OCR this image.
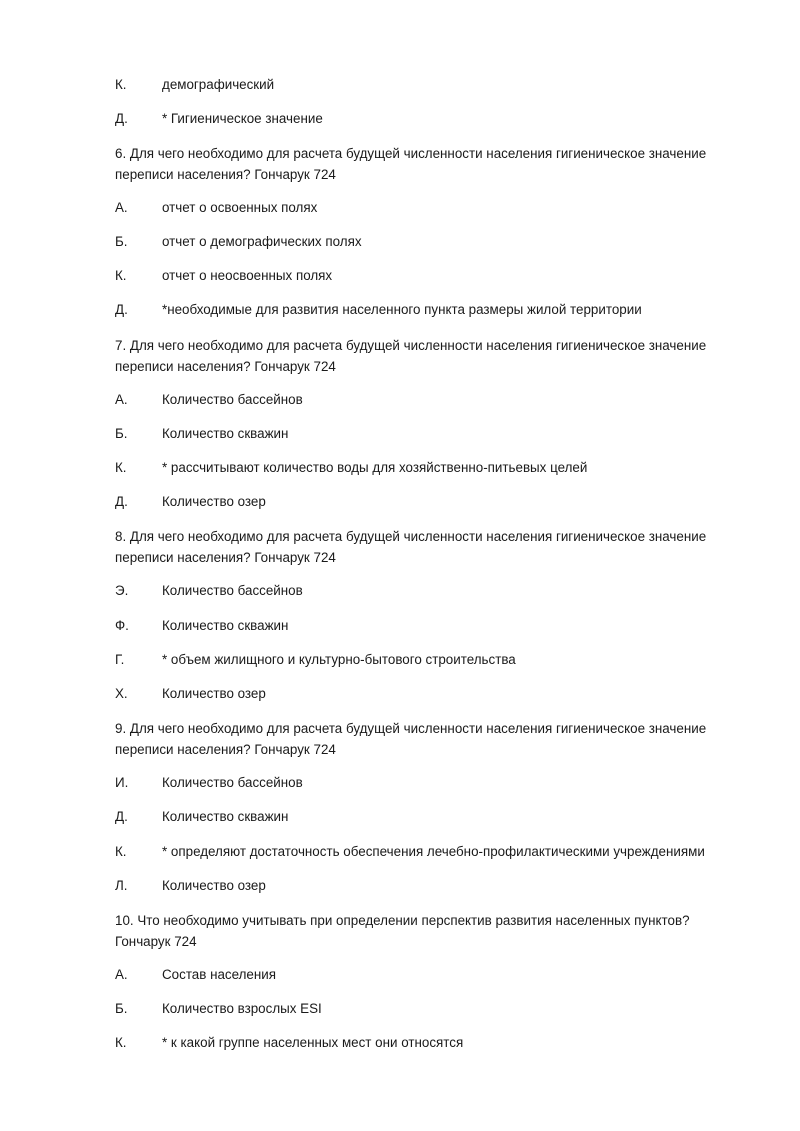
К.	демографический
Д.	* Гигиеническое значение
6. Для чего необходимо для расчета будущей численности населения гигиеническое значение переписи населения? Гончарук 724
А.	отчет о освоенных полях
Б.	отчет о демографических полях
К.	отчет о неосвоенных полях
Д.	*необходимые для развития населенного пункта размеры жилой территории
7. Для чего необходимо для расчета будущей численности населения гигиеническое значение переписи населения? Гончарук 724
А.	Количество бассейнов
Б.	Количество скважин
К.	* рассчитывают количество воды для хозяйственно-питьевых целей
Д.	Количество озер
8. Для чего необходимо для расчета будущей численности населения гигиеническое значение переписи населения? Гончарук 724
Э.	Количество бассейнов
Ф. Количество скважин
Г.	* объем жилищного и культурно-бытового строительства
Х.	Количество озер
9. Для чего необходимо для расчета будущей численности населения гигиеническое значение переписи населения? Гончарук 724
И.	Количество бассейнов
Д.	Количество скважин
К.	* определяют достаточность обеспечения лечебно-профилактическими учреждениями
Л.	Количество озер
10. Что необходимо учитывать при определении перспектив развития населенных пунктов? Гончарук 724
А.	Состав населения
Б.	Количество взрослых ESI
К.	* к какой группе населенных мест они относятся
